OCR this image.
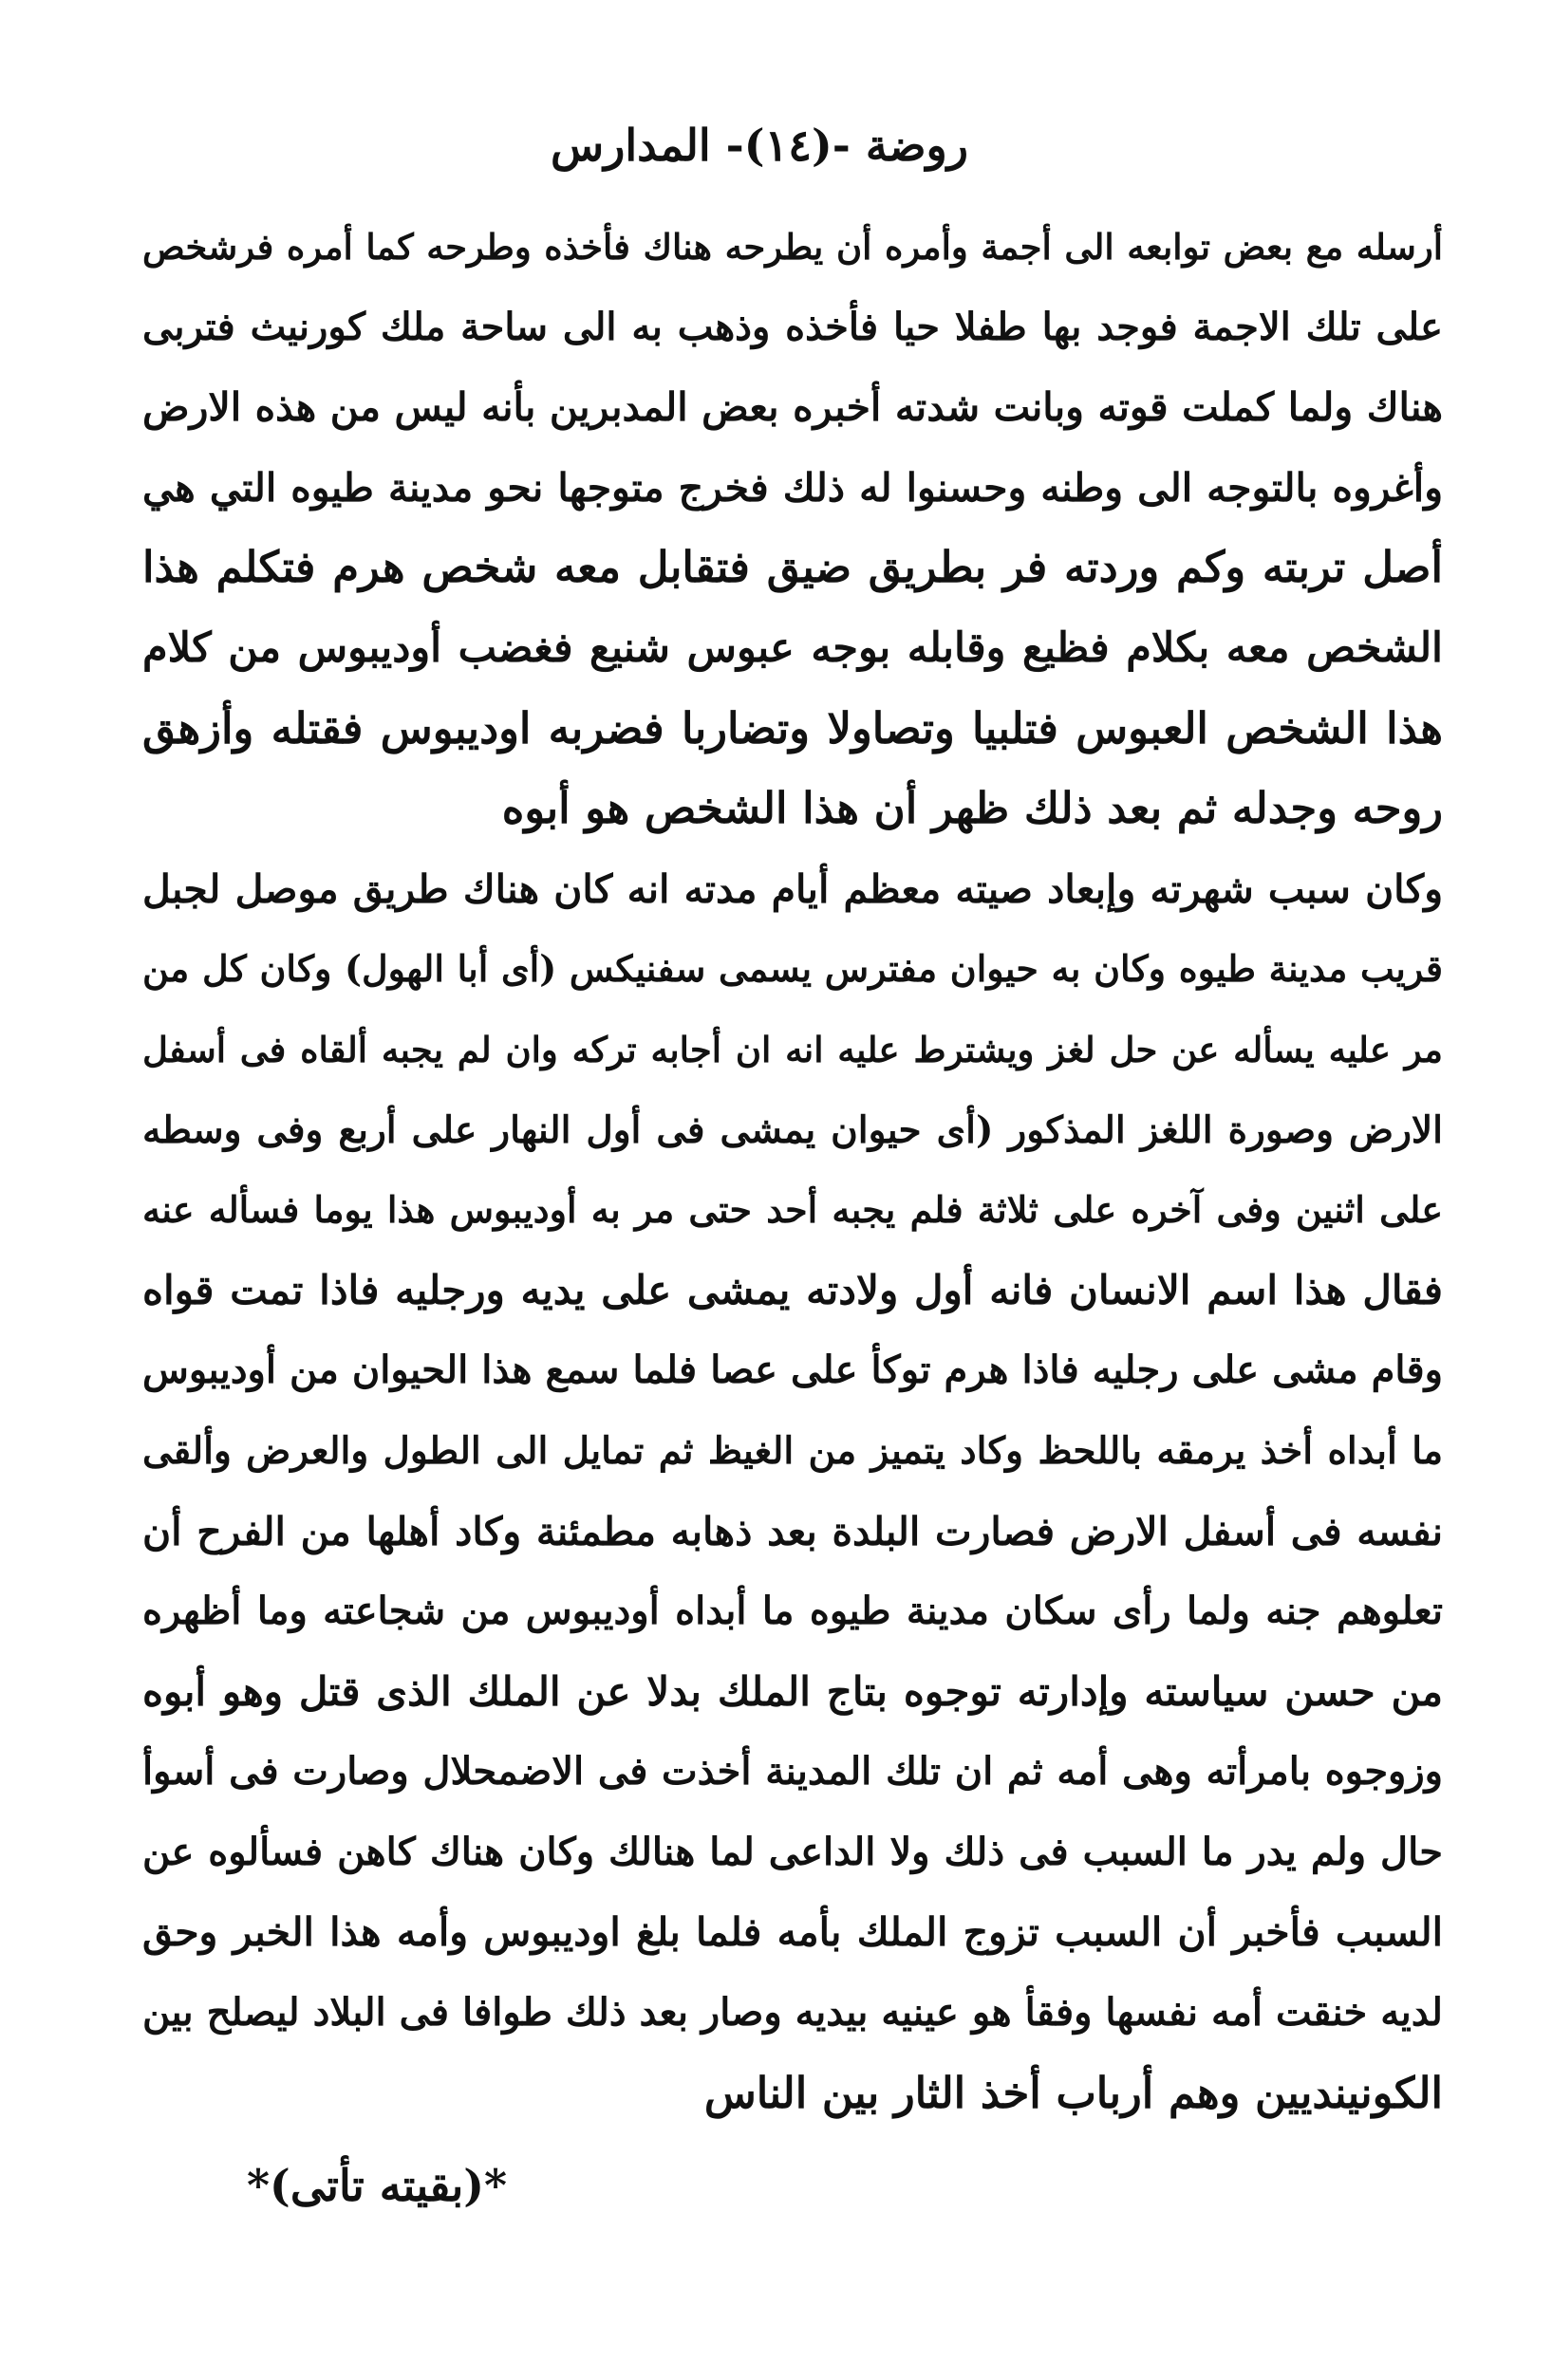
روضة -(١٤)- المدارس
أرسله مع بعض توابعه الى أجمة وأمره أن يطرحه هناك فأخذه وطرحه كما أمره فرشخص
على تلك الاجمة فوجد بها طفلا حيا فأخذه وذهب به الى ساحة ملك كورنيث فتربى
هناك ولما كملت قوته وبانت شدته أخبره بعض المدبرين بأنه ليس من هذه الارض
وأغروه بالتوجه الى وطنه وحسنوا له ذلك فخرج متوجها نحو مدينة طيوه التي هي
أصل تربته وكم وردته فر بطريق ضيق فتقابل معه شخص هرم فتكلم هذا
الشخص معه بكلام فظيع وقابله بوجه عبوس شنيع فغضب أوديبوس من كلام
هذا الشخص العبوس فتلبيا وتصاولا وتضاربا فضربه اوديبوس فقتله وأزهق
روحه وجدله ثم بعد ذلك ظهر أن هذا الشخص هو أبوه
وكان سبب شهرته وإبعاد صيته معظم أيام مدته انه كان هناك طريق موصل لجبل
قريب مدينة طيوه وكان به حيوان مفترس يسمى سفنيكس (أى أبا الهول) وكان كل من
مر عليه يسأله عن حل لغز ويشترط عليه انه ان أجابه تركه وان لم يجبه ألقاه فى أسفل
الارض وصورة اللغز المذكور (أى حيوان يمشى فى أول النهار على أربع وفى وسطه
على اثنين وفى آخره على ثلاثة فلم يجبه أحد حتى مر به أوديبوس هذا يوما فسأله عنه
فقال هذا اسم الانسان فانه أول ولادته يمشى على يديه ورجليه فاذا تمت قواه
وقام مشى على رجليه فاذا هرم توكأ على عصا فلما سمع هذا الحيوان من أوديبوس
ما أبداه أخذ يرمقه باللحظ وكاد يتميز من الغيظ ثم تمايل الى الطول والعرض وألقى
نفسه فى أسفل الارض فصارت البلدة بعد ذهابه مطمئنة وكاد أهلها من الفرح أن
تعلوهم جنه ولما رأى سكان مدينة طيوه ما أبداه أوديبوس من شجاعته وما أظهره
من حسن سياسته وإدارته توجوه بتاج الملك بدلا عن الملك الذى قتل وهو أبوه
وزوجوه بامرأته وهى أمه ثم ان تلك المدينة أخذت فى الاضمحلال وصارت فى أسوأ
حال ولم يدر ما السبب فى ذلك ولا الداعى لما هنالك وكان هناك كاهن فسألوه عن
السبب فأخبر أن السبب تزوج الملك بأمه فلما بلغ اوديبوس وأمه هذا الخبر وحق
لديه خنقت أمه نفسها وفقأ هو عينيه بيديه وصار بعد ذلك طوافا فى البلاد ليصلح بين
الكونينديين وهم أرباب أخذ الثار بين الناس
*(بقيته تأتى)*
